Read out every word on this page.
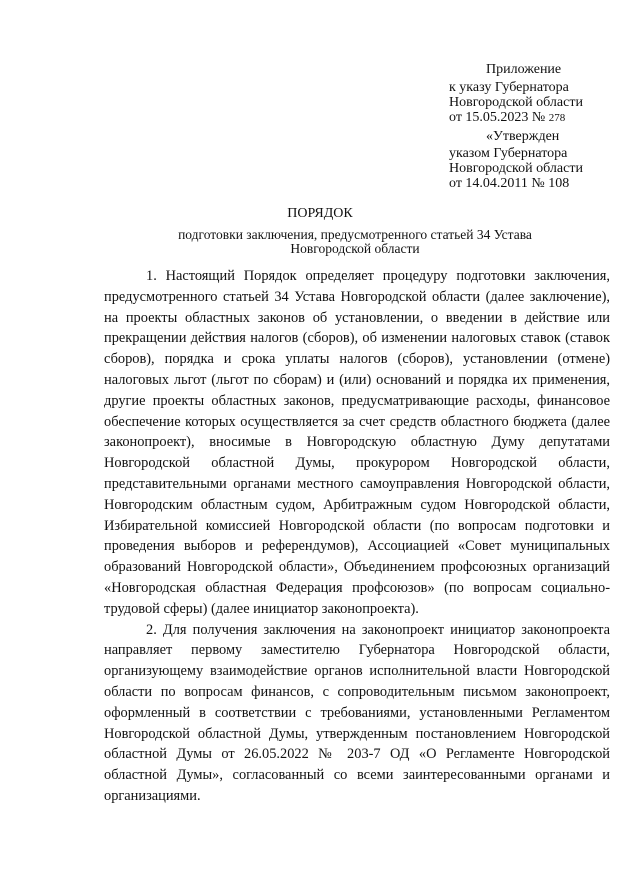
Приложение
к указу Губернатора
Новгородской области
от 15.05.2023 № 278
«Утвержден
указом Губернатора
Новгородской области
от 14.04.2011 № 108
ПОРЯДОК
подготовки заключения, предусмотренного статьей 34 Устава
Новгородской области

1. Настоящий Порядок определяет процедуру подготовки заключения, предусмотренного статьей 34 Устава Новгородской области (далее заключение), на проекты областных законов об установлении, о введении в действие или прекращении действия налогов (сборов), об изменении налоговых ставок (ставок сборов), порядка и срока уплаты налогов (сборов), установлении (отмене) налоговых льгот (льгот по сборам) и (или) оснований и порядка их применения, другие проекты областных законов, предусматривающие расходы, финансовое обеспечение которых осуществляется за счет средств областного бюджета (далее законопроект), вносимые в Новгородскую областную Думу депутатами Новгородской областной Думы, прокурором Новгородской области, представительными органами местного самоуправления Новгородской области, Новгородским областным судом, Арбитражным судом Новгородской области, Избирательной комиссией Новгородской области (по вопросам подготовки и проведения выборов и референдумов), Ассоциацией «Совет муниципальных образований Новгородской области», Объединением профсоюзных организаций «Новгородская областная Федерация профсоюзов» (по вопросам социально-трудовой сферы) (далее инициатор законопроекта).

2. Для получения заключения на законопроект инициатор законопроекта направляет первому заместителю Губернатора Новгородской области, организующему взаимодействие органов исполнительной власти Новгородской области по вопросам финансов, с сопроводительным письмом законопроект, оформленный в соответствии с требованиями, установленными Регламентом Новгородской областной Думы, утвержденным постановлением Новгородской областной Думы от 26.05.2022 № 203-7 ОД «О Регламенте Новгородской областной Думы», согласованный со всеми заинтересованными органами и организациями.
